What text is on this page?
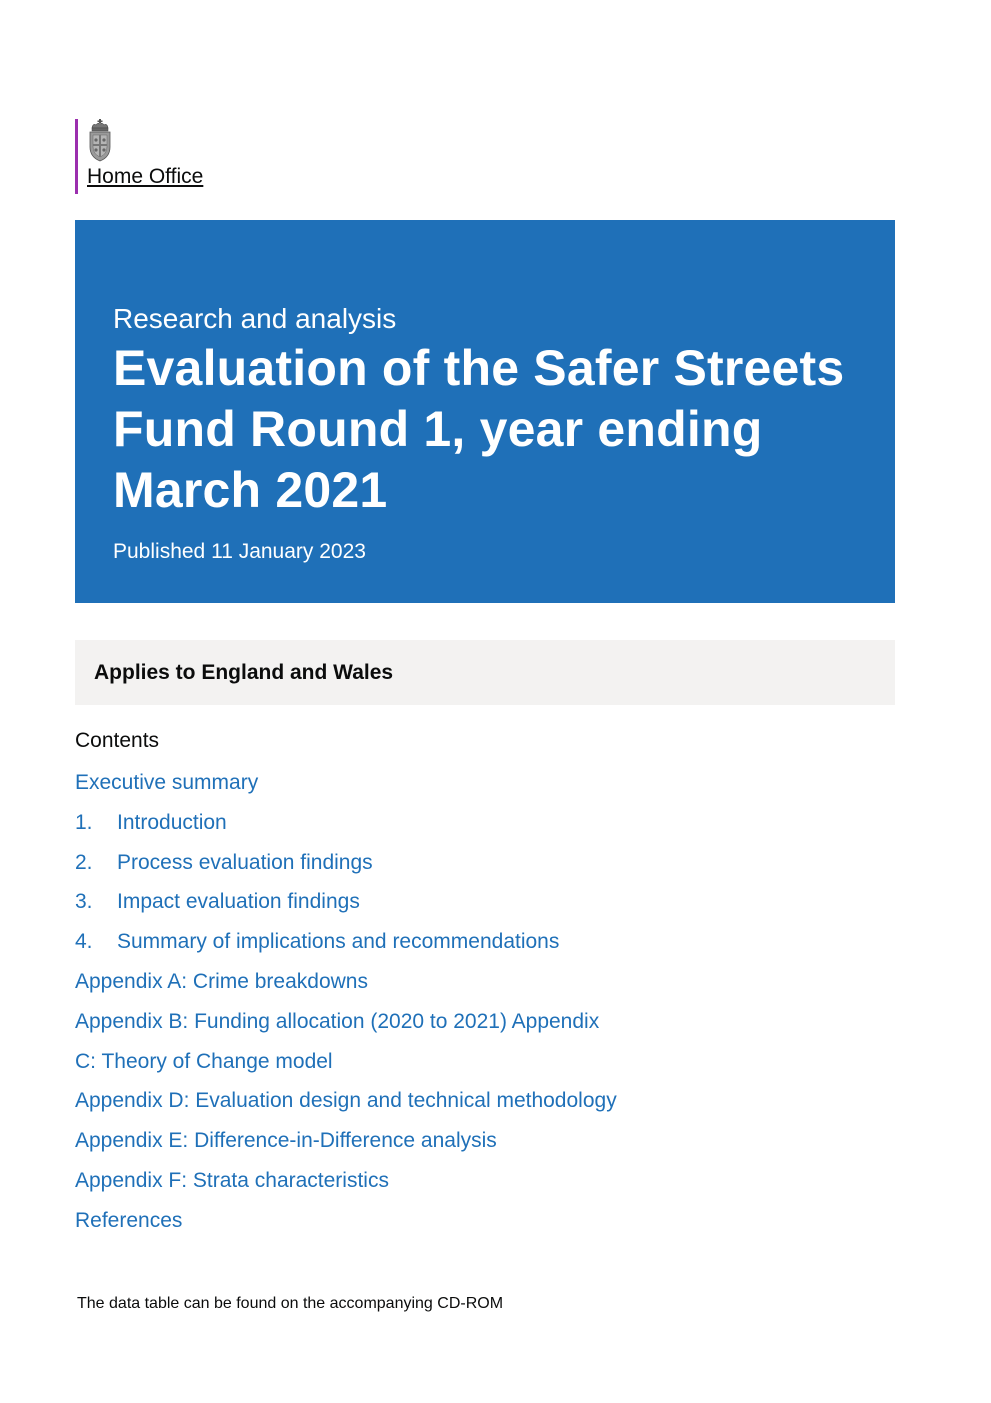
Home Office
Research and analysis
Evaluation of the Safer Streets Fund Round 1, year ending March 2021
Published 11 January 2023
Applies to England and Wales
Contents
Executive summary
1.	Introduction
2.	Process evaluation findings
3.	Impact evaluation findings
4.	Summary of implications and recommendations
Appendix A: Crime breakdowns
Appendix B: Funding allocation (2020 to 2021) Appendix
C: Theory of Change model
Appendix D: Evaluation design and technical methodology
Appendix E: Difference-in-Difference analysis
Appendix F: Strata characteristics
References
The data table can be found on the accompanying CD-ROM
